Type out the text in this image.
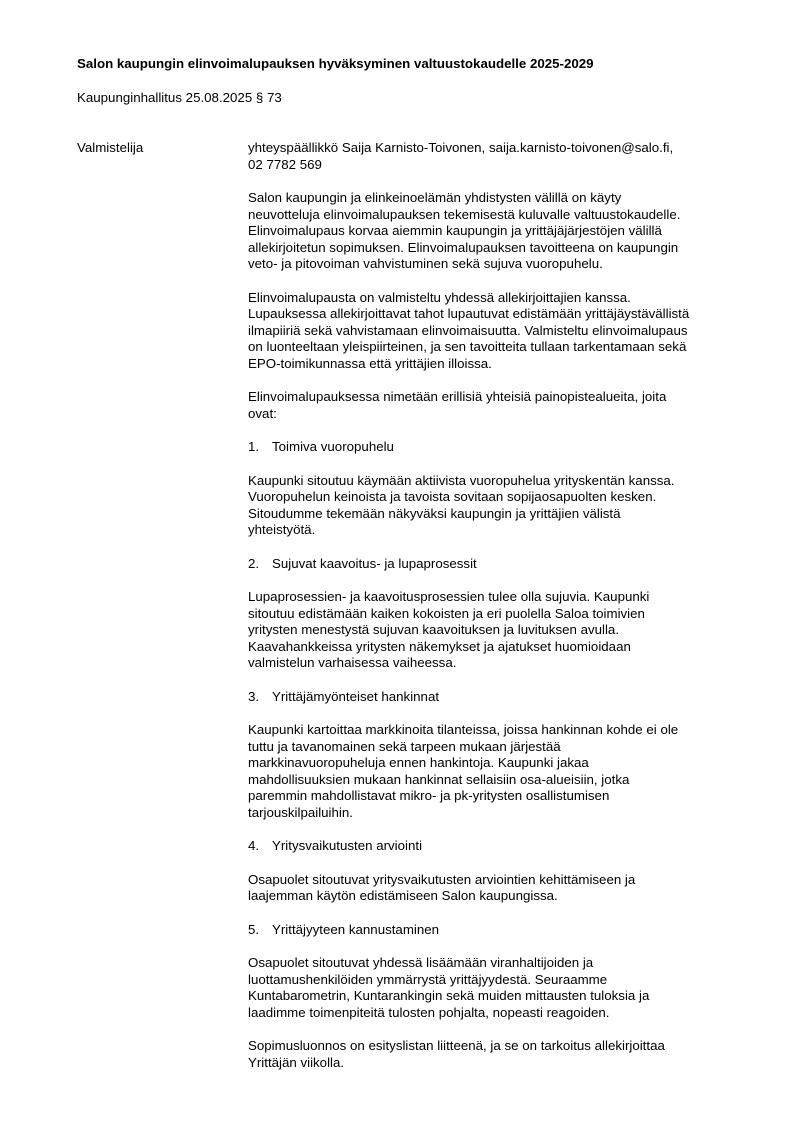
Salon kaupungin elinvoimalupauksen hyväksyminen valtuustokaudelle 2025-2029
Kaupunginhallitus 25.08.2025 § 73
Valmistelija	yhteyspäällikkö Saija Karnisto-Toivonen, saija.karnisto-toivonen@salo.fi,
02 7782 569
Salon kaupungin ja elinkeinoelämän yhdistysten välillä on käyty
neuvotteluja elinvoimalupauksen tekemisestä kuluvalle valtuustokaudelle.
Elinvoimalupaus korvaa aiemmin kaupungin ja yrittäjäjärjestöjen välillä
allekirjoitetun sopimuksen. Elinvoimalupauksen tavoitteena on kaupungin
veto- ja pitovoiman vahvistuminen sekä sujuva vuoropuhelu.
Elinvoimalupausta on valmisteltu yhdessä allekirjoittajien kanssa.
Lupauksessa allekirjoittavat tahot lupautuvat edistämään yrittäjäystävällistä
ilmapiiriä sekä vahvistamaan elinvoimaisuutta. Valmisteltu elinvoimalupaus
on luonteeltaan yleispiirteinen, ja sen tavoitteita tullaan tarkentamaan sekä
EPO-toimikunnassa että yrittäjien illoissa.
Elinvoimalupauksessa nimetään erillisiä yhteisiä painopistealueita, joita
ovat:
1. Toimiva vuoropuhelu
Kaupunki sitoutuu käymään aktiivista vuoropuhelua yrityskentän kanssa.
Vuoropuhelun keinoista ja tavoista sovitaan sopijaosapuolten kesken.
Sitoudumme tekemään näkyväksi kaupungin ja yrittäjien välistä
yhteistyötä.
2. Sujuvat kaavoitus- ja lupaprosessit
Lupaprosessien- ja kaavoitusprosessien tulee olla sujuvia. Kaupunki
sitoutuu edistämään kaiken kokoisten ja eri puolella Saloa toimivien
yritysten menestystä sujuvan kaavoituksen ja luvituksen avulla.
Kaavahankkeissa yritysten näkemykset ja ajatukset huomioidaan
valmistelun varhaisessa vaiheessa.
3. Yrittäjämyönteiset hankinnat
Kaupunki kartoittaa markkinoita tilanteissa, joissa hankinnan kohde ei ole
tuttu ja tavanomainen sekä tarpeen mukaan järjestää
markkinavuoropuheluja ennen hankintoja. Kaupunki jakaa
mahdollisuuksien mukaan hankinnat sellaisiin osa-alueisiin, jotka
paremmin mahdollistavat mikro- ja pk-yritysten osallistumisen
tarjouskilpailuihin.
4. Yritysvaikutusten arviointi
Osapuolet sitoutuvat yritysvaikutusten arviointien kehittämiseen ja
laajemman käytön edistämiseen Salon kaupungissa.
5. Yrittäjyyteen kannustaminen
Osapuolet sitoutuvat yhdessä lisäämään viranhaltijoiden ja
luottamushenkilöiden ymmärrystä yrittäjyydestä. Seuraamme
Kuntabarometrin, Kuntarankingin sekä muiden mittausten tuloksia ja
laadimme toimenpiteitä tulosten pohjalta, nopeasti reagoiden.
Sopimusluonnos on esityslistan liitteenä, ja se on tarkoitus allekirjoittaa
Yrittäjän viikolla.
